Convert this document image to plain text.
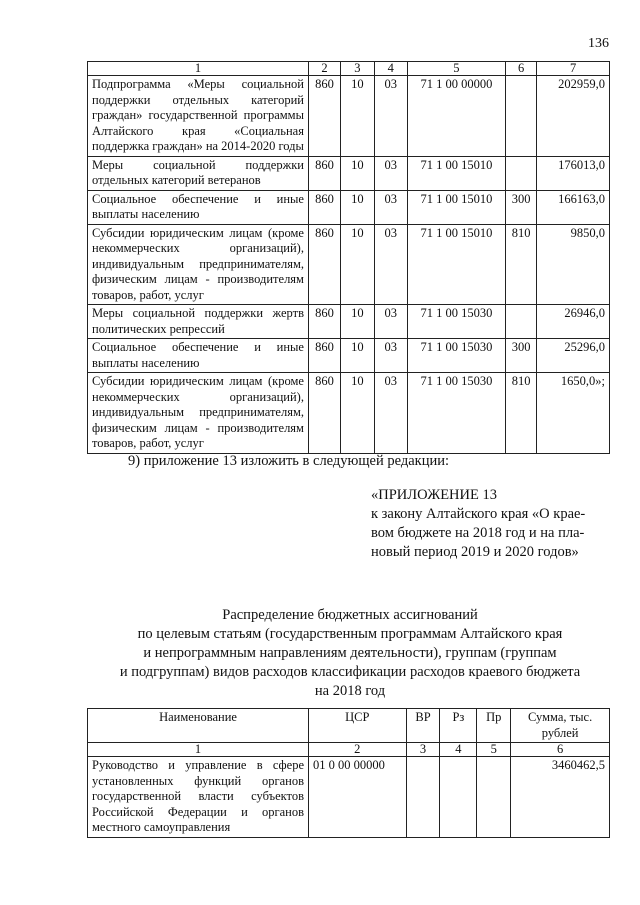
136
1	2	3	4	5	6	7
Подпрограмма «Меры социальной поддержки отдельных категорий граждан» государственной программы Алтайского края «Социальная поддержка граждан» на 2014-2020 годы	860	10	03	71 1 00 00000		202959,0
Меры социальной поддержки отдельных категорий ветеранов	860	10	03	71 1 00 15010		176013,0
Социальное обеспечение и иные выплаты населению	860	10	03	71 1 00 15010	300	166163,0
Субсидии юридическим лицам (кроме некоммерческих организаций), индивидуальным предпринимателям, физическим лицам - производителям товаров, работ, услуг	860	10	03	71 1 00 15010	810	9850,0
Меры социальной поддержки жертв политических репрессий	860	10	03	71 1 00 15030		26946,0
Социальное обеспечение и иные выплаты населению	860	10	03	71 1 00 15030	300	25296,0
Субсидии юридическим лицам (кроме некоммерческих организаций), индивидуальным предпринимателям, физическим лицам - производителям товаров, работ, услуг	860	10	03	71 1 00 15030	810	1650,0»;
9) приложение 13 изложить в следующей редакции:
«ПРИЛОЖЕНИЕ 13
к закону Алтайского края «О крае-
вом бюджете на 2018 год и на пла-
новый период 2019 и 2020 годов»
Распределение бюджетных ассигнований
по целевым статьям (государственным программам Алтайского края
и непрограммным направлениям деятельности), группам (группам
и подгруппам) видов расходов классификации расходов краевого бюджета
на 2018 год
Наименование	ЦСР	ВР	Рз	Пр	Сумма, тыс. рублей
1	2	3	4	5	6
Руководство и управление в сфере установленных функций органов государственной власти субъектов Российской Федерации и органов местного самоуправления	01 0 00 00000				3460462,5
